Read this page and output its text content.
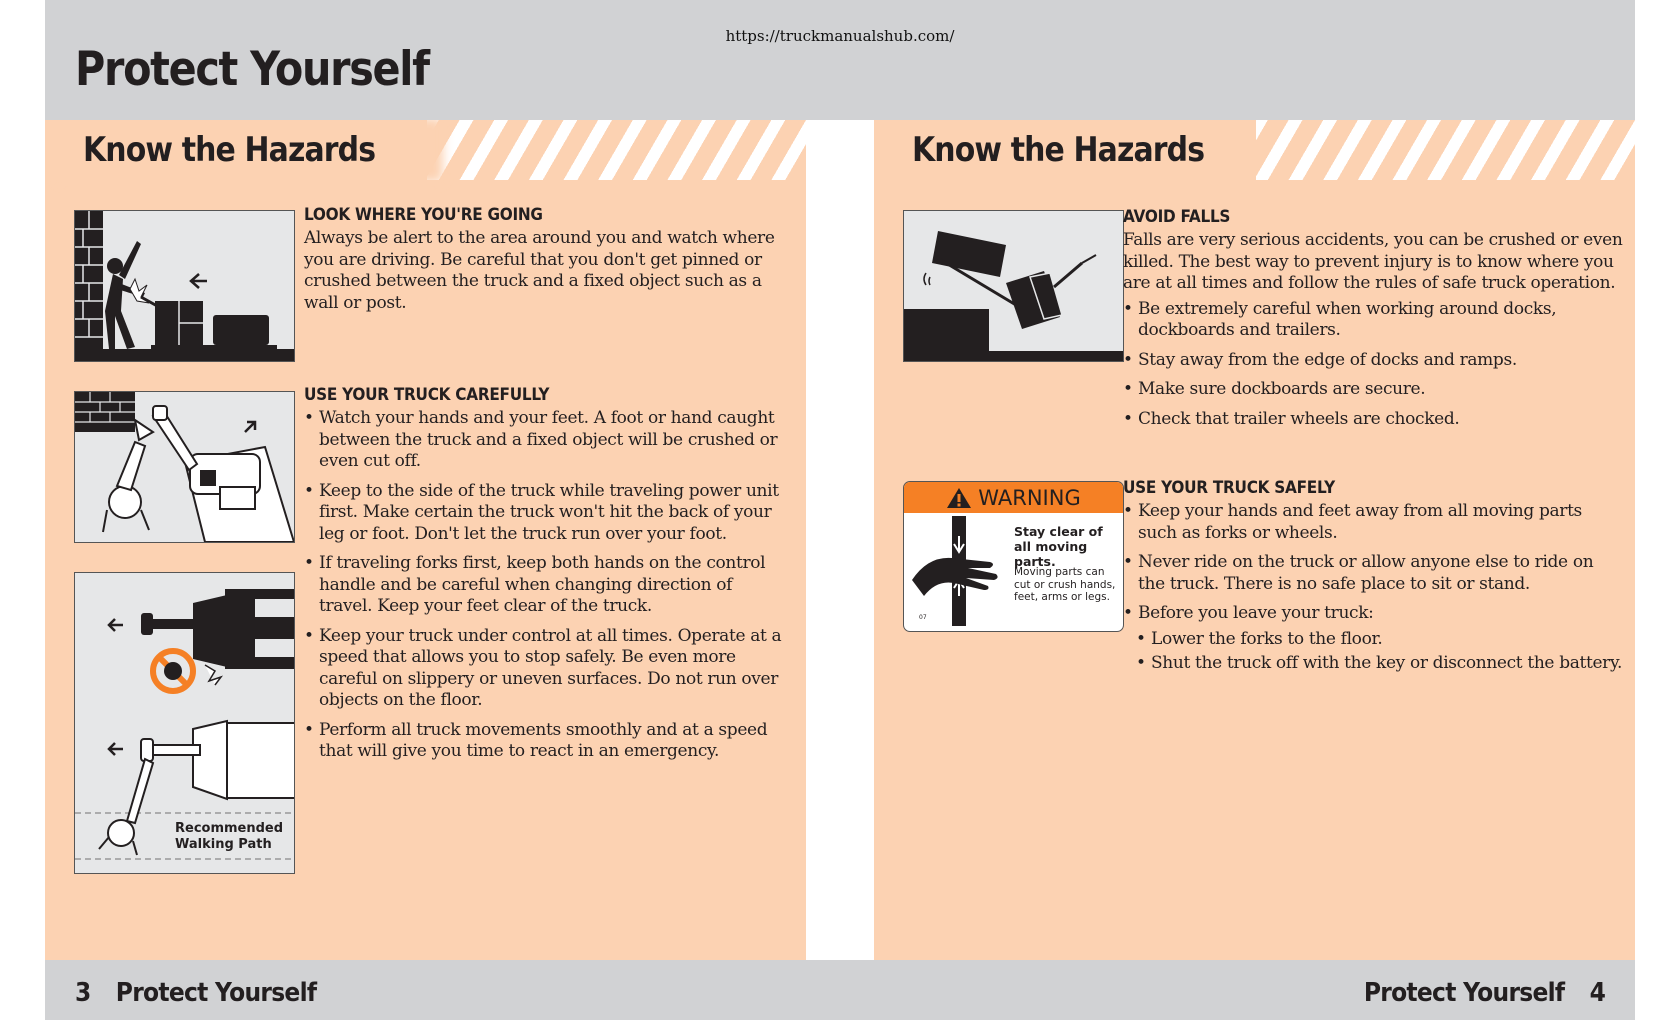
https://truckmanualshub.com/
Protect Yourself
Know the Hazards
Recommended
Walking Path
LOOK WHERE YOU'RE GOING

Always be alert to the area around you and watch where you are driving. Be careful that you don't get pinned or crushed between the truck and a fixed object such as a wall or post.

USE YOUR TRUCK CAREFULLY
• Watch your hands and your feet. A foot or hand caught between the truck and a fixed object will be crushed or even cut off.
• Keep to the side of the truck while traveling power unit first. Make certain the truck won't hit the back of your leg or foot. Don't let the truck run over your foot.
• If traveling forks first, keep both hands on the control handle and be careful when changing direction of travel. Keep your feet clear of the truck.
• Keep your truck under control at all times. Operate at a speed that allows you to stop safely. Be even more careful on slippery or uneven surfaces. Do not run over objects on the floor.
• Perform all truck movements smoothly and at a speed that will give you time to react in an emergency.
Know the Hazards
WARNING
Stay clear of all moving parts.
Moving parts can cut or crush hands, feet, arms or legs.
07
AVOID FALLS

Falls are very serious accidents, you can be crushed or even killed. The best way to prevent injury is to know where you are at all times and follow the rules of safe truck operation.

• Be extremely careful when working around docks, dockboards and trailers.
• Stay away from the edge of docks and ramps.
• Make sure dockboards are secure.
• Check that trailer wheels are chocked.
USE YOUR TRUCK SAFELY
• Keep your hands and feet away from all moving parts such as forks or wheels.
• Never ride on the truck or allow anyone else to ride on the truck. There is no safe place to sit or stand.
• Before you leave your truck:
• Lower the forks to the floor.
• Shut the truck off with the key or disconnect the battery.
3 Protect Yourself	Protect Yourself 4
